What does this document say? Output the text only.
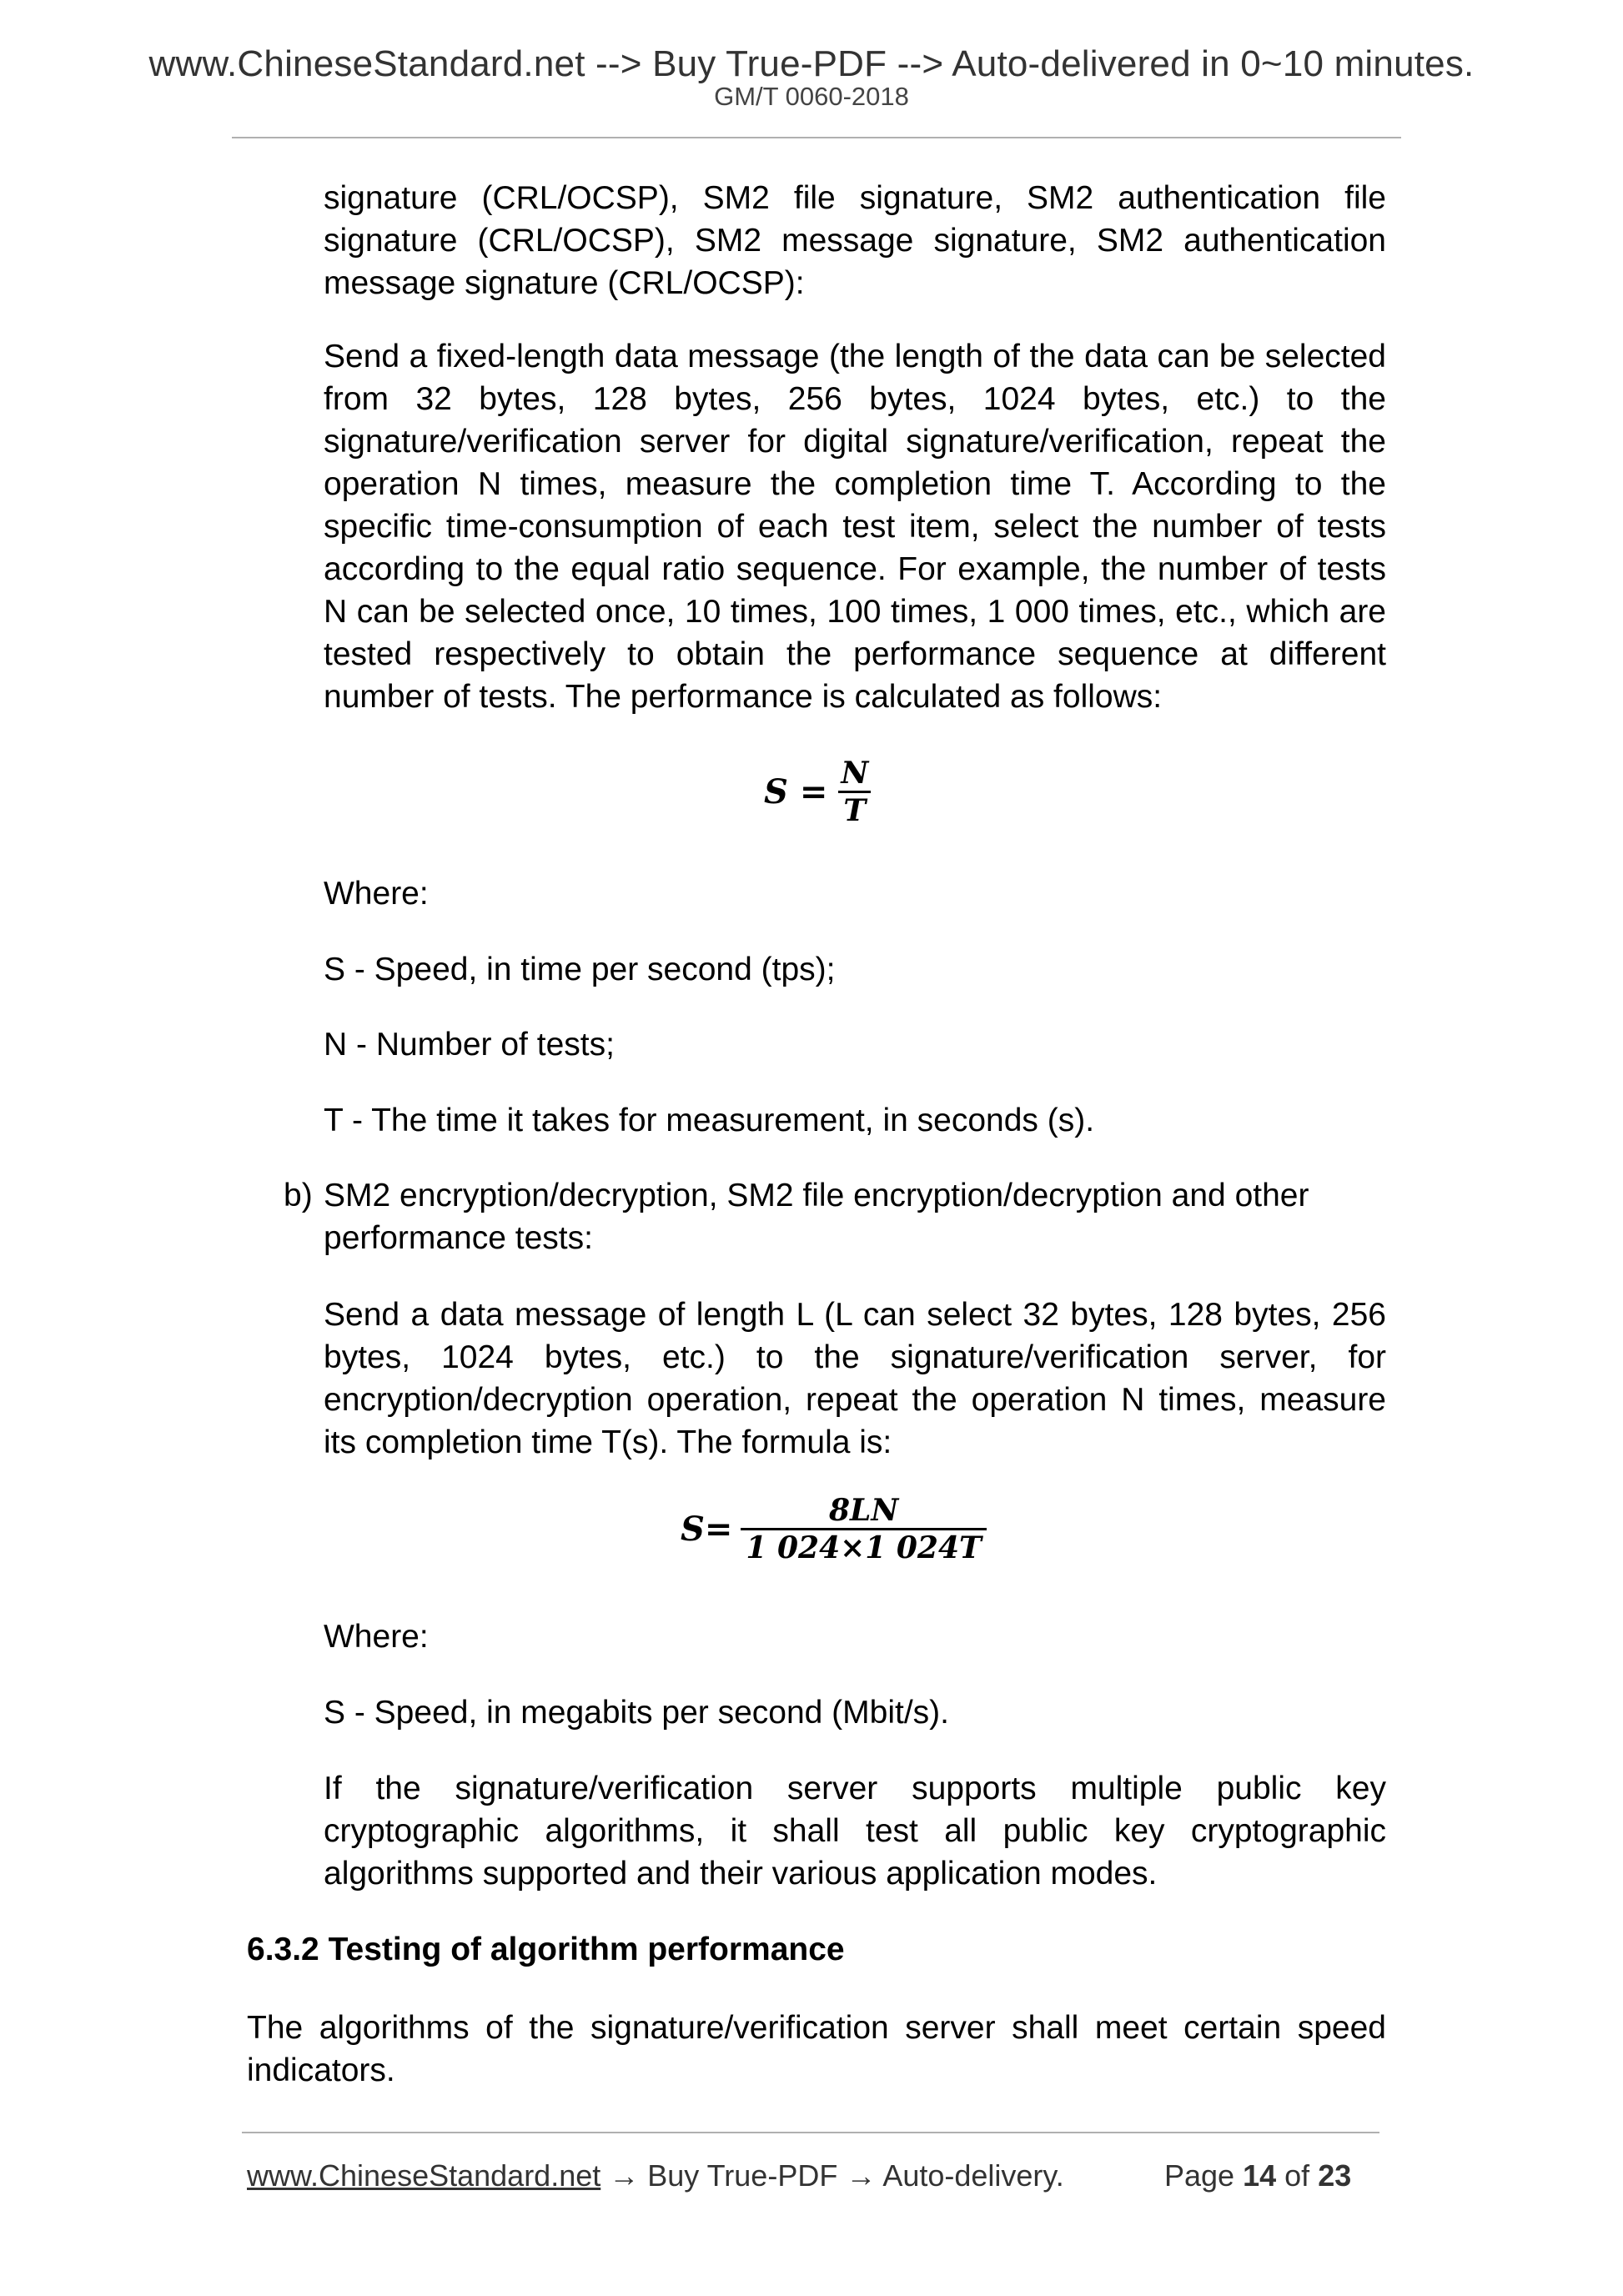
www.ChineseStandard.net --> Buy True-PDF --> Auto-delivered in 0~10 minutes.
GM/T 0060-2018

signature (CRL/OCSP), SM2 file signature, SM2 authentication file signature (CRL/OCSP), SM2 message signature, SM2 authentication message signature (CRL/OCSP):

Send a fixed-length data message (the length of the data can be selected from 32 bytes, 128 bytes, 256 bytes, 1024 bytes, etc.) to the signature/verification server for digital signature/verification, repeat the operation N times, measure the completion time T. According to the specific time-consumption of each test item, select the number of tests according to the equal ratio sequence. For example, the number of tests N can be selected once, 10 times, 100 times, 1 000 times, etc., which are tested respectively to obtain the performance sequence at different number of tests. The performance is calculated as follows:

$S = \frac{N}{T}$

Where:

S - Speed, in time per second (tps);

N - Number of tests;

T - The time it takes for measurement, in seconds (s).

b) SM2 encryption/decryption, SM2 file encryption/decryption and other
performance tests:

Send a data message of length L (L can select 32 bytes, 128 bytes, 256 bytes, 1024 bytes, etc.) to the signature/verification server, for encryption/decryption operation, repeat the operation N times, measure its completion time T(s). The formula is:

$S= \frac{8LN}{1 024\times 1 024T}$

Where:

S - Speed, in megabits per second (Mbit/s).

If the signature/verification server supports multiple public key cryptographic algorithms, it shall test all public key cryptographic algorithms supported and their various application modes.

6.3.2 Testing of algorithm performance

The algorithms of the signature/verification server shall meet certain speed indicators.

www.ChineseStandard.net → Buy True-PDF → Auto-delivery.	Page 14 of 23
